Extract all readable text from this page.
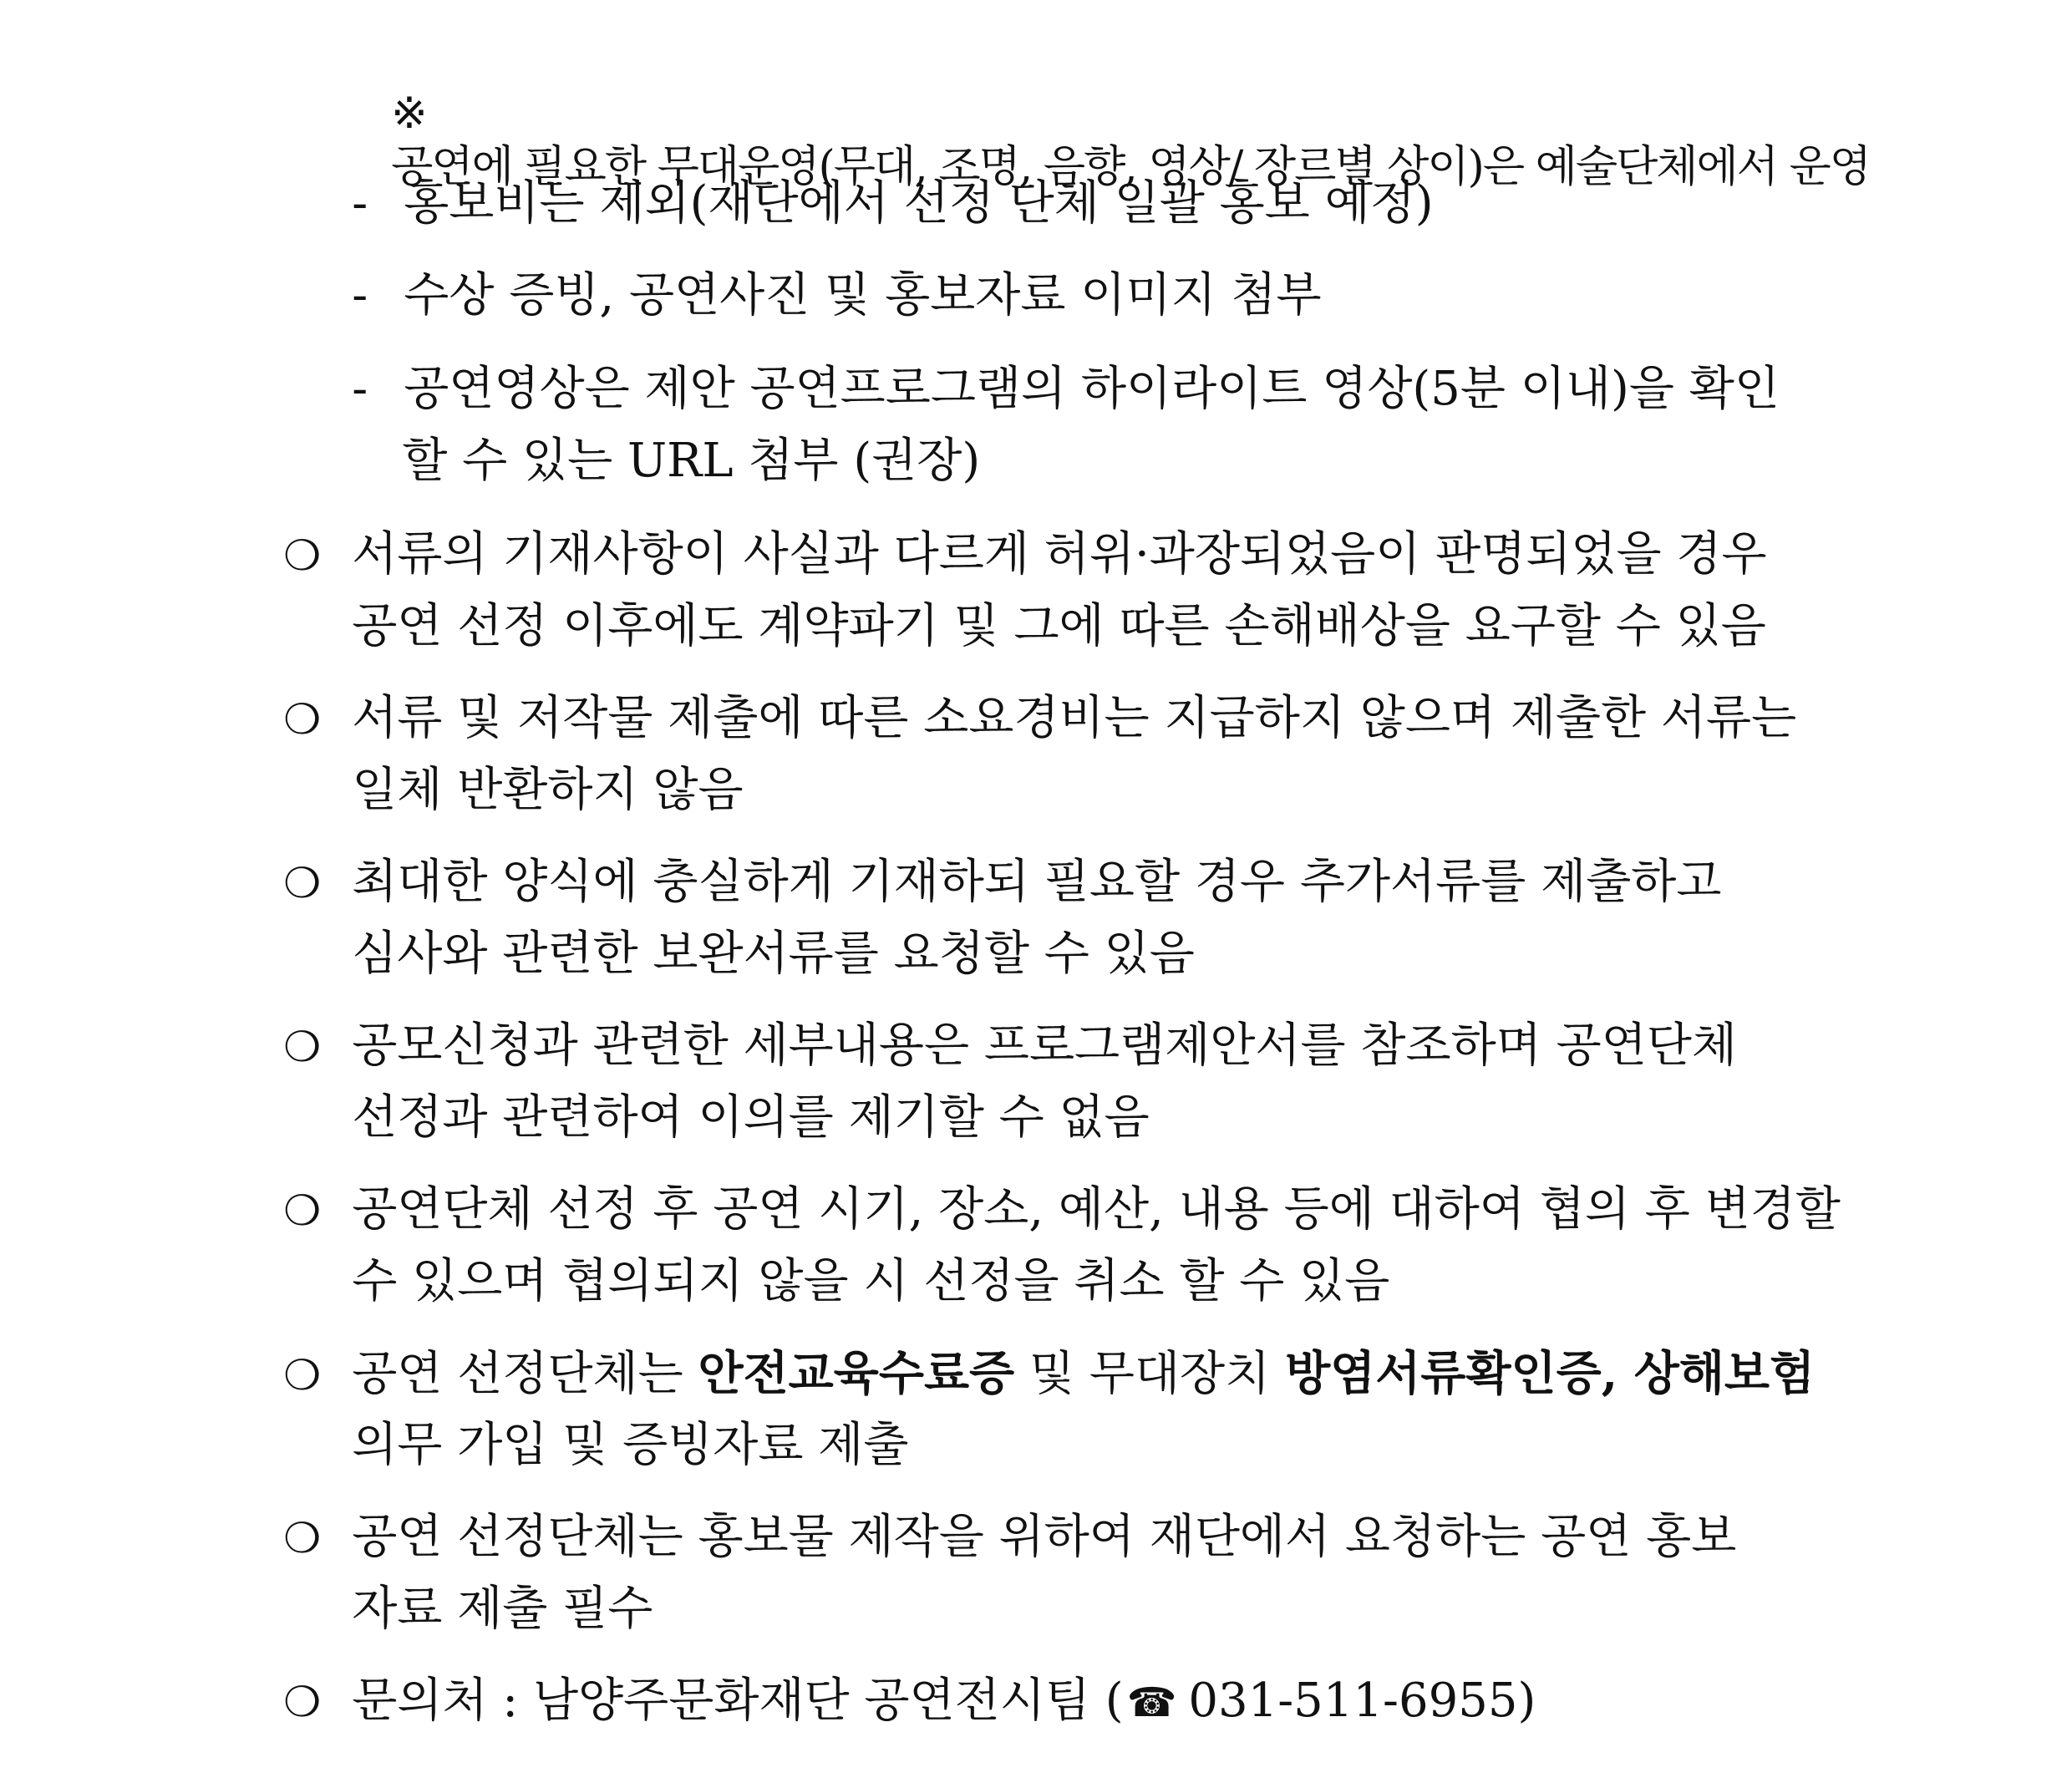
※
공연에 필요한 무대운영(무대, 조명, 음향, 영상/ 장르별 상이)은 예술단체에서 운영

- 홍보비는 제외(재단에서 선정 단체 일괄 홍보 예정)

- 수상 증빙, 공연사진 및 홍보자료 이미지 첨부

- 공연영상은 제안 공연프로그램의 하이라이트 영상(5분 이내)을 확인

할 수 있는 URL 첨부 (권장)

❍ 서류의 기재사항이 사실과 다르게 허위·과장되었음이 판명되었을 경우

공연 선정 이후에도 계약파기 및 그에 따른 손해배상을 요구할 수 있음

❍ 서류 및 저작물 제출에 따른 소요경비는 지급하지 않으며 제출한 서류는

일체 반환하지 않음

❍ 최대한 양식에 충실하게 기재하되 필요할 경우 추가서류를 제출하고

심사와 관련한 보완서류를 요청할 수 있음

❍ 공모신청과 관련한 세부내용은 프로그램제안서를 참조하며 공연단체

선정과 관련하여 이의를 제기할 수 없음

❍ 공연단체 선정 후 공연 시기, 장소, 예산, 내용 등에 대하여 협의 후 변경할

수 있으며 협의되지 않을 시 선정을 취소 할 수 있음

❍ 공연 선정단체는 안전교육수료증 및 무대장치 방염서류확인증, 상해보험

의무 가입 및 증빙자료 제출

❍ 공연 선정단체는 홍보물 제작을 위하여 재단에서 요청하는 공연 홍보

자료 제출 필수

❍ 문의처 : 남양주문화재단 공연전시팀 (☎ 031-511-6955)
